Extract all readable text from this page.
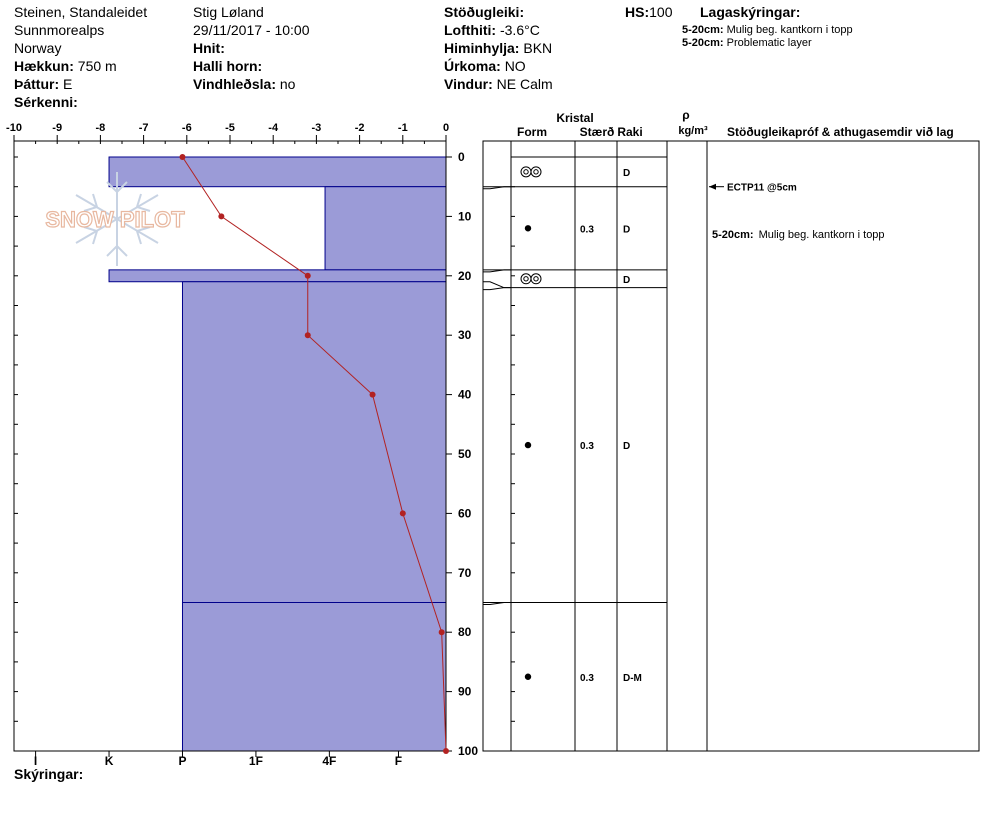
Steinen, Standaleidet
Sunnmorealps
Norway
Hækkun: 750 m
Þáttur: E
Sérkenni:
Stig Løland
29/11/2017 - 10:00
Hnit:
Halli horn:
Vindhleðsla: no
Stöðugleiki:
Lofthiti: -3.6°C
Himinhylja: BKN
Úrkoma: NO
Vindur: NE Calm
HS:100 Lagaskýringar:
5-20cm: Mulig beg. kantkorn i topp
5-20cm: Problematic layer
Skýringar:
SNOW PILOT
-10	-9	-8	-7	-6	-5	-4	-3	-2	-1	0
0
10
20
30
40
50
60
70
80
90
100
I	K	P	1F	4F	F
Kristal
Form	Stærð Raki
ρ
kg/m³ Stöðugleikapróf & athugasemdir við lag
D
0.3	D
D
0.3	D
0.3	D-M
ECTP11 @5cm
5-20cm: Mulig beg. kantkorn i topp
